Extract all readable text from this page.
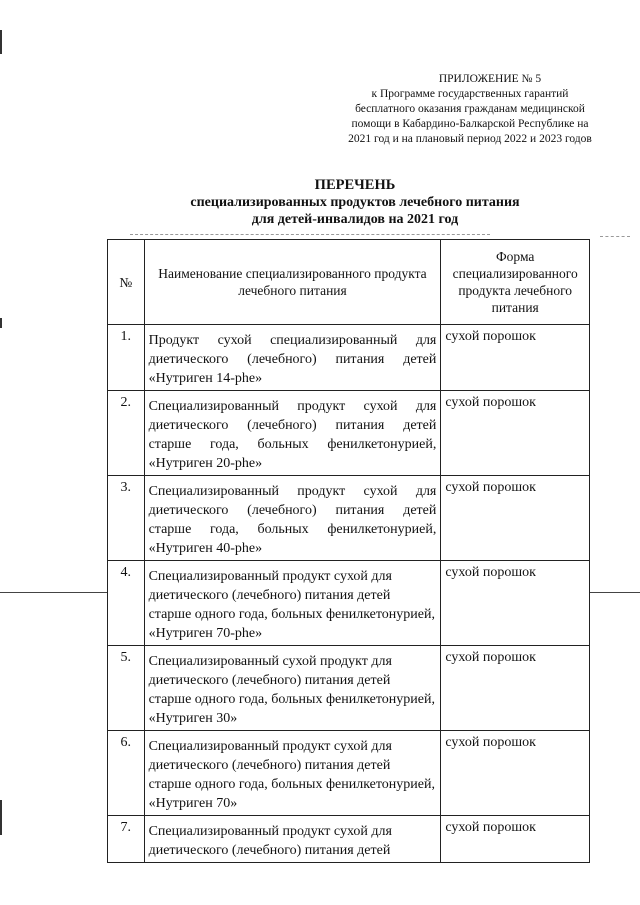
ПРИЛОЖЕНИЕ № 5
к Программе государственных гарантий
бесплатного оказания гражданам медицинской
помощи в Кабардино-Балкарской Республике на
2021 год и на плановый период 2022 и 2023 годов
ПЕРЕЧЕНЬ
специализированных продуктов лечебного питания
для детей-инвалидов на 2021 год
№	Наименование специализированного продукта лечебного питания	Форма специализированного продукта лечебного питания
1.	Продукт сухой специализированный для диетического (лечебного) питания детей «Нутриген 14-phe»	сухой порошок
2.	Специализированный продукт сухой для диетического (лечебного) питания детей старше года, больных фенилкетонурией, «Нутриген 20-phe»	сухой порошок
3.	Специализированный продукт сухой для диетического (лечебного) питания детей старше года, больных фенилкетонурией, «Нутриген 40-phe»	сухой порошок
4.	Специализированный продукт сухой для диетического (лечебного) питания детей старше одного года, больных фенилкетонурией, «Нутриген 70-phe»	сухой порошок
5.	Специализированный сухой продукт для диетического (лечебного) питания детей старше одного года, больных фенилкетонурией, «Нутриген 30»	сухой порошок
6.	Специализированный продукт сухой для диетического (лечебного) питания детей старше одного года, больных фенилкетонурией, «Нутриген 70»	сухой порошок
7.	Специализированный продукт сухой для диетического (лечебного) питания детей	сухой порошок
